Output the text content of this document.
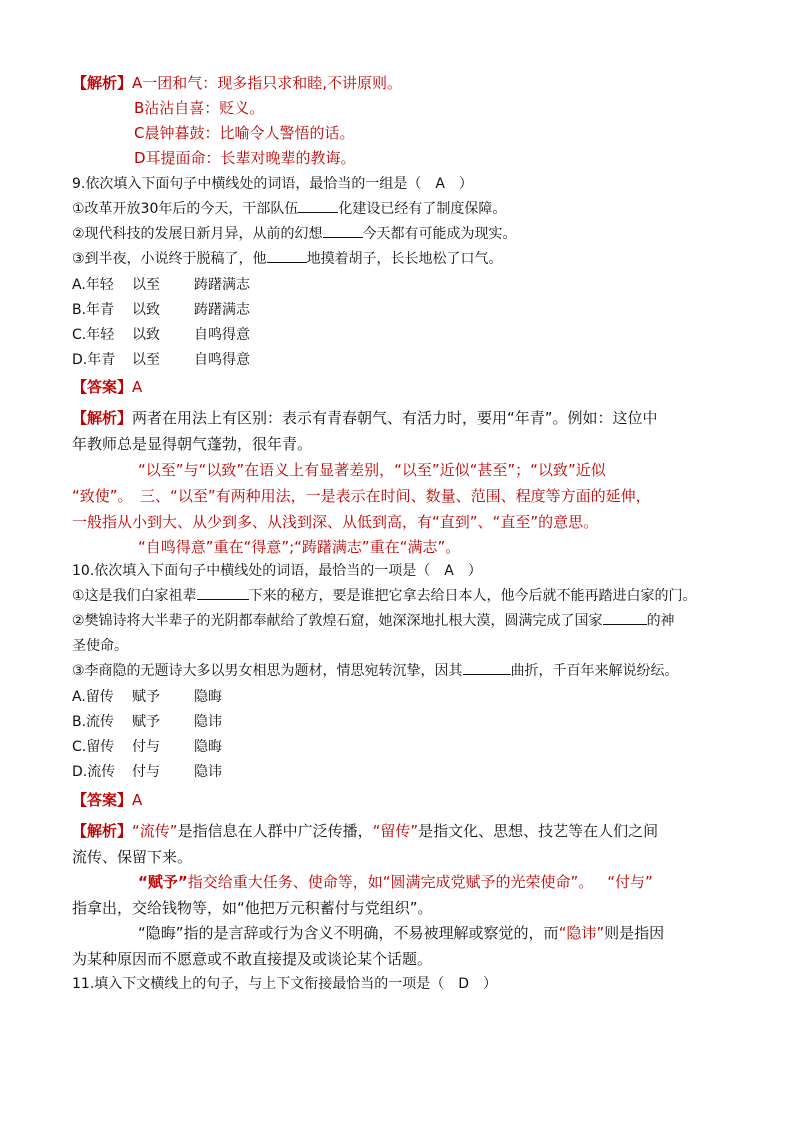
【解析】A一团和气：现多指只求和睦,不讲原则。
B沾沾自喜：贬义。
C晨钟暮鼓：比喻令人警悟的话。
D耳提面命：长辈对晚辈的教诲。
9.依次填入下面句子中横线处的词语，最恰当的一组是（　A　）
①改革开放30年后的今天，干部队伍	化建设已经有了制度保障。
②现代科技的发展日新月异，从前的幻想	今天都有可能成为现实。
③到半夜，小说终于脱稿了，他	地摸着胡子，长长地松了口气。
A.年轻 以至 踌躇满志
B.年青 以致 踌躇满志
C.年轻 以致 自鸣得意
D.年青 以至 自鸣得意
【答案】A
【解析】两者在用法上有区别：表示有青春朝气、有活力时，要用“年青”。例如：这位中
年教师总是显得朝气蓬勃，很年青。
“以至”与“以致”在语义上有显著差别，“以至”近似“甚至”；“以致”近似
“致使”。　三、“以至”有两种用法，一是表示在时间、数量、范围、程度等方面的延伸，
一般指从小到大、从少到多、从浅到深、从低到高，有“直到”、“直至”的意思。
“自鸣得意”重在“得意”;“踌躇满志”重在“满志”。
10.依次填入下面句子中横线处的词语，最恰当的一项是（　A　）
①这是我们白家祖辈	下来的秘方，要是谁把它拿去给日本人，他今后就不能再踏进白家的门。
②樊锦诗将大半辈子的光阴都奉献给了敦煌石窟，她深深地扎根大漠，圆满完成了国家	的神
圣使命。
③李商隐的无题诗大多以男女相思为题材，情思宛转沉挚，因其	曲折，千百年来解说纷纭。
A.留传 赋予 隐晦
B.流传 赋予 隐讳
C.留传 付与 隐晦
D.流传 付与 隐讳
【答案】A
【解析】“流传”是指信息在人群中广泛传播，“留传”是指文化、思想、技艺等在人们之间
流传、保留下来。
“赋予”指交给重大任务、使命等，如“圆满完成党赋予的光荣使命”。 “付与”
指拿出，交给钱物等，如“他把万元积蓄付与党组织”。
“隐晦”指的是言辞或行为含义不明确，不易被理解或察觉的，而“隐讳”则是指因
为某种原因而不愿意或不敢直接提及或谈论某个话题。
11.填入下文横线上的句子，与上下文衔接最恰当的一项是（　D　）
